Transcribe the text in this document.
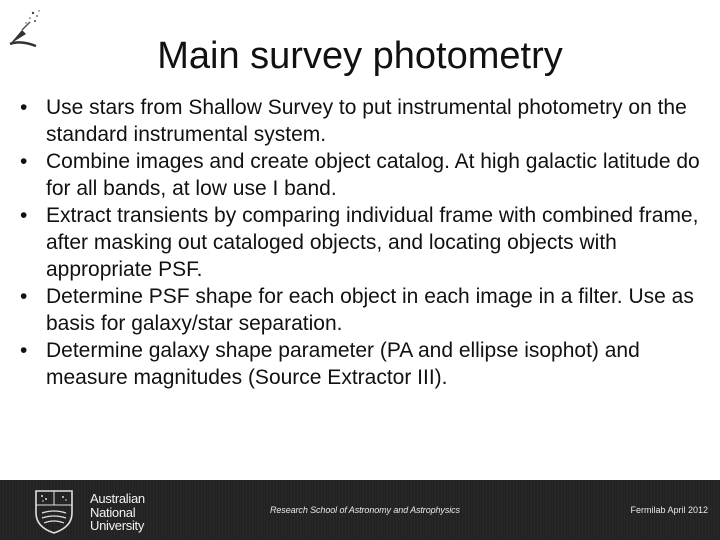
Main survey photometry
• Use stars from Shallow Survey to put instrumental photometry on the standard instrumental system.
• Combine images and create object catalog. At high galactic latitude do for all bands, at low use I band.
• Extract transients by comparing individual frame with combined frame, after masking out cataloged objects, and locating objects with appropriate PSF.
• Determine PSF shape for each object in each image in a filter. Use as basis for galaxy/star separation.
• Determine galaxy shape parameter (PA and ellipse isophot) and measure magnitudes (Source Extractor III).
Australian
National
University
Research School of Astronomy and Astrophysics	Fermilab April 2012
